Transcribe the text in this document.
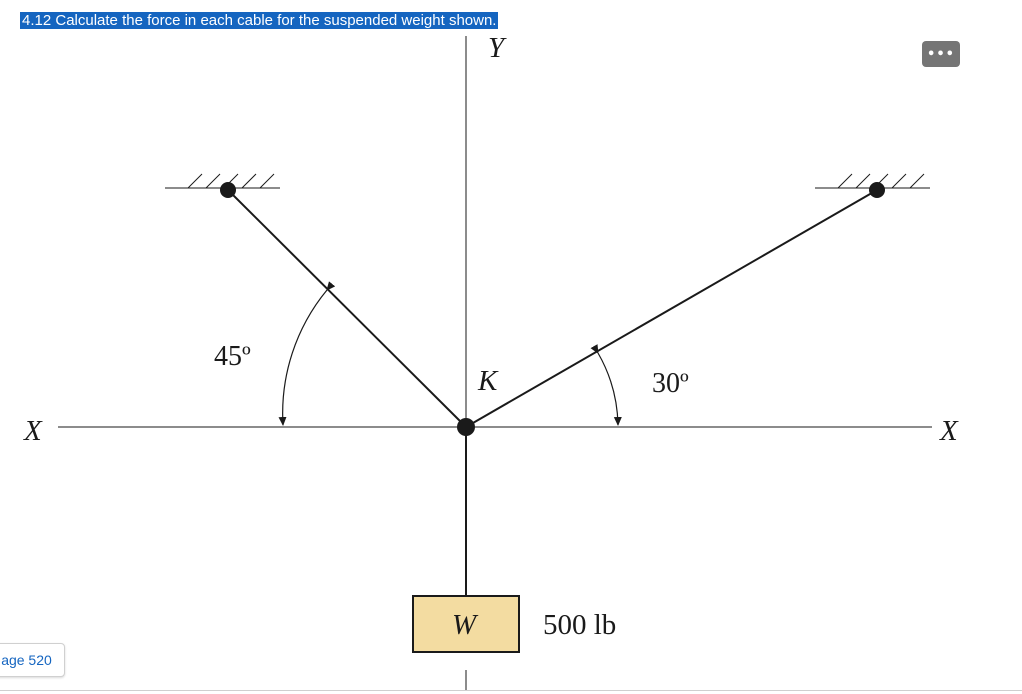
4.12 Calculate the force in each cable for the suspended weight shown.
•••
Y
X	X
K
45º
30º
W 500 lb
age 520
